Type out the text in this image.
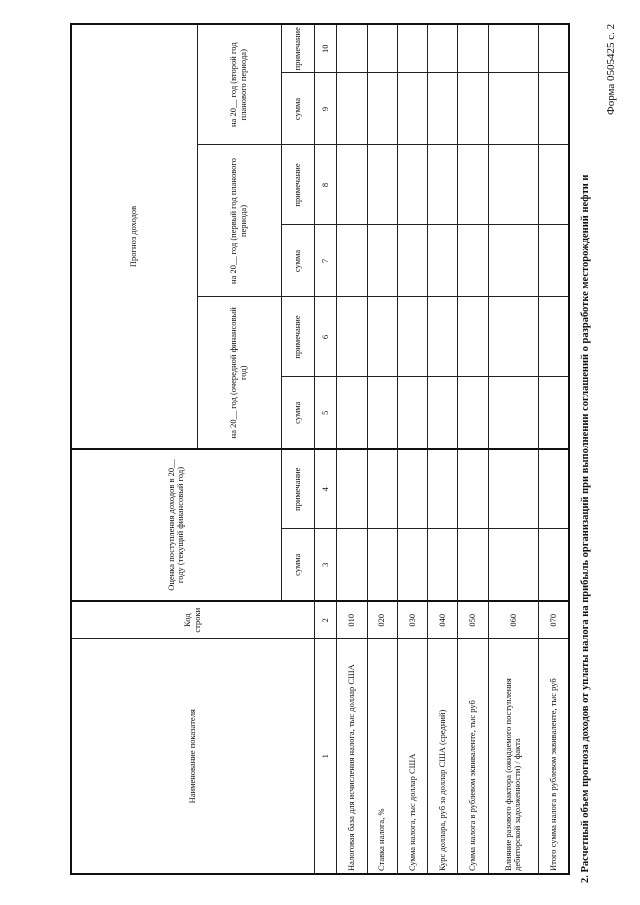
Форма 0505425 с. 2
2. Расчетный объем прогноза доходов от уплаты налога на прибыль организаций при выполнении соглашений о разработке месторождений нефти и
Наименование показателя	Код строки	Оценка поступления доходов в 20__ году (текущий финансовый год)		Прогноз доходов					
				на 20__ год (очередной финансовый год)		на 20__ год (первый год планового периода)		на 20__ год (второй год планового периода)	
		сумма	примечание	сумма	примечание	сумма	примечание	сумма	примечание
1	2	3	4	5	6	7	8	9	10
Налоговая база для исчисления налога, тыс доллар США	010								
Ставка налога, %	020								
Сумма налога, тыс доллар США	030								
Курс доллара, руб за доллар США (средний)	040								
Сумма налога в рублевом эквиваленте, тыс руб	050								
Влияние разового фактора (ожидаемого поступления дебиторской задолженности) / факта	060								
Итого сумма налога в рублевом эквиваленте, тыс руб	070								
